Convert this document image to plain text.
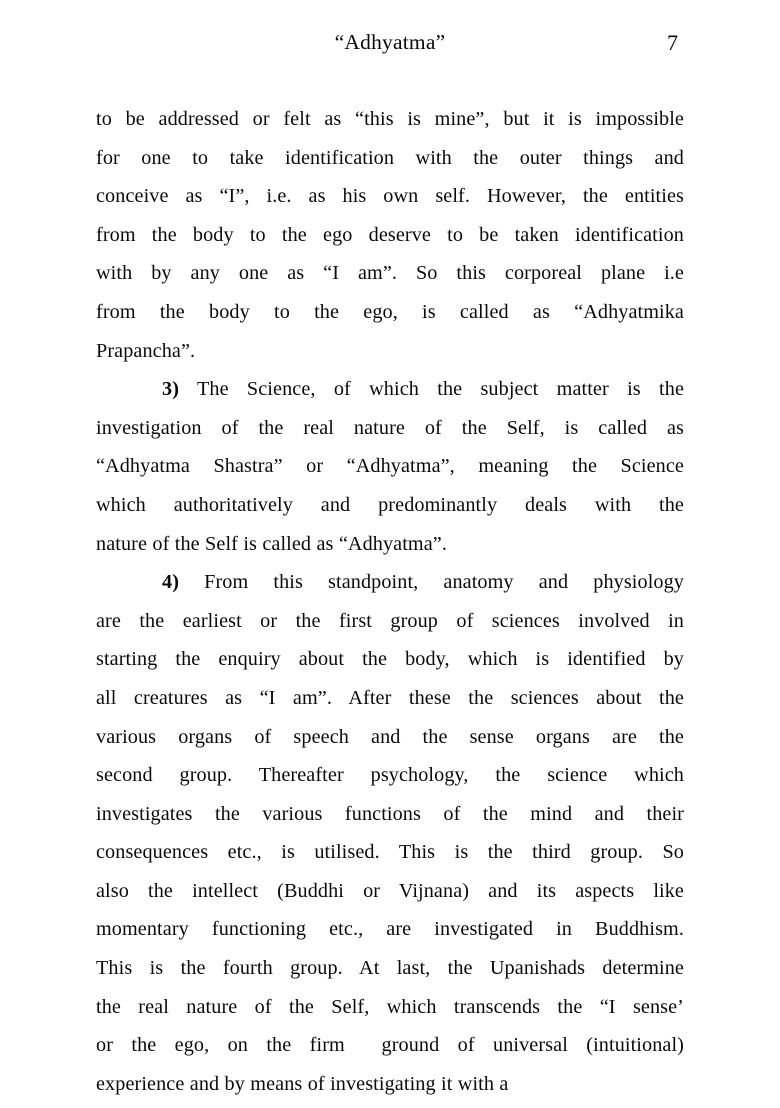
“Adhyatma”	7

to be addressed or felt as “this is mine”, but it is impossible
for one to take identification with the outer things and
conceive as “I”, i.e. as his own self. However, the entities
from the body to the ego deserve to be taken identification
with by any one as “I am”. So this corporeal plane i.e
from the body to the ego, is called as “Adhyatmika
Prapancha”.

3) The Science, of which the subject matter is the
investigation of the real nature of the Self, is called as
“Adhyatma Shastra” or “Adhyatma”, meaning the Science
which authoritatively and predominantly deals with the
nature of the Self is called as “Adhyatma”.

4) From this standpoint, anatomy and physiology
are the earliest or the first group of sciences involved in
starting the enquiry about the body, which is identified by
all creatures as “I am”. After these the sciences about the
various organs of speech and the sense organs are the
second group. Thereafter psychology, the science which
investigates the various functions of the mind and their
consequences etc., is utilised. This is the third group. So
also the intellect (Buddhi or Vijnana) and its aspects like
momentary functioning etc., are investigated in Buddhism.
This is the fourth group. At last, the Upanishads determine
the real nature of the Self, which transcends the “I sense’
or the ego, on the firm  ground of universal (intuitional)
experience and by means of investigating it with a
